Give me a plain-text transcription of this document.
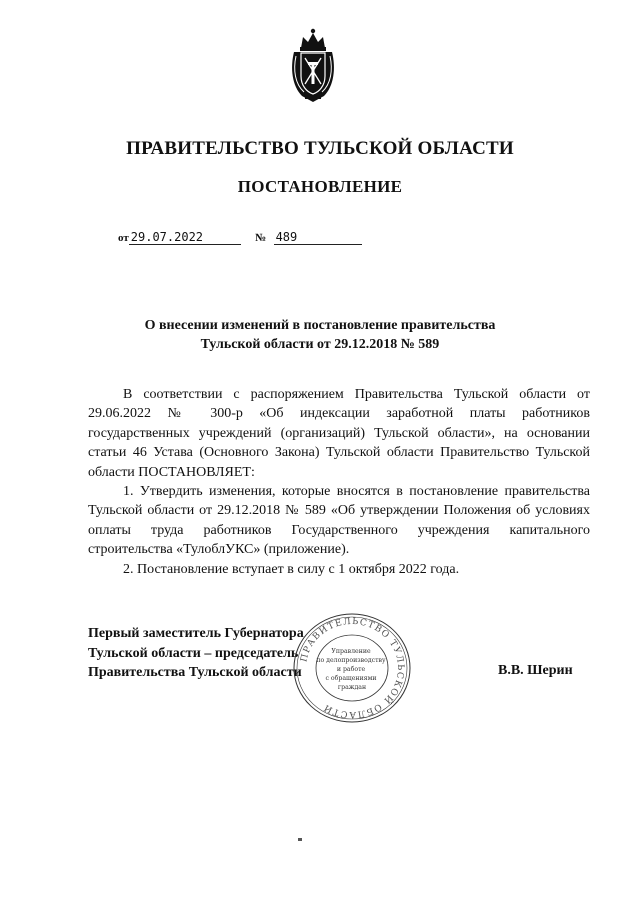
ПРАВИТЕЛЬСТВО ТУЛЬСКОЙ ОБЛАСТИ
ПОСТАНОВЛЕНИЕ
от 29.07.2022	№ 489
О внесении изменений в постановление правительства
Тульской области от 29.12.2018 № 589

В соответствии с распоряжением Правительства Тульской области от 29.06.2022 № 300-р «Об индексации заработной платы работников государственных учреждений (организаций) Тульской области», на основании статьи 46 Устава (Основного Закона) Тульской области Правительство Тульской области ПОСТАНОВЛЯЕТ:

1. Утвердить изменения, которые вносятся в постановление правительства Тульской области от 29.12.2018 № 589 «Об утверждении Положения об условиях оплаты труда работников Государственного учреждения капитального строительства «ТулоблУКС» (приложение).

2. Постановление вступает в силу с 1 октября 2022 года.

Первый заместитель Губернатора
Тульской области – председатель
Правительства Тульской области	В.В. Шерин
ПРАВИТЕЛЬСТВО ТУЛЬСКОЙ ОБЛАСТИ
Управление по делопроизводству и работе с обращениями граждан
